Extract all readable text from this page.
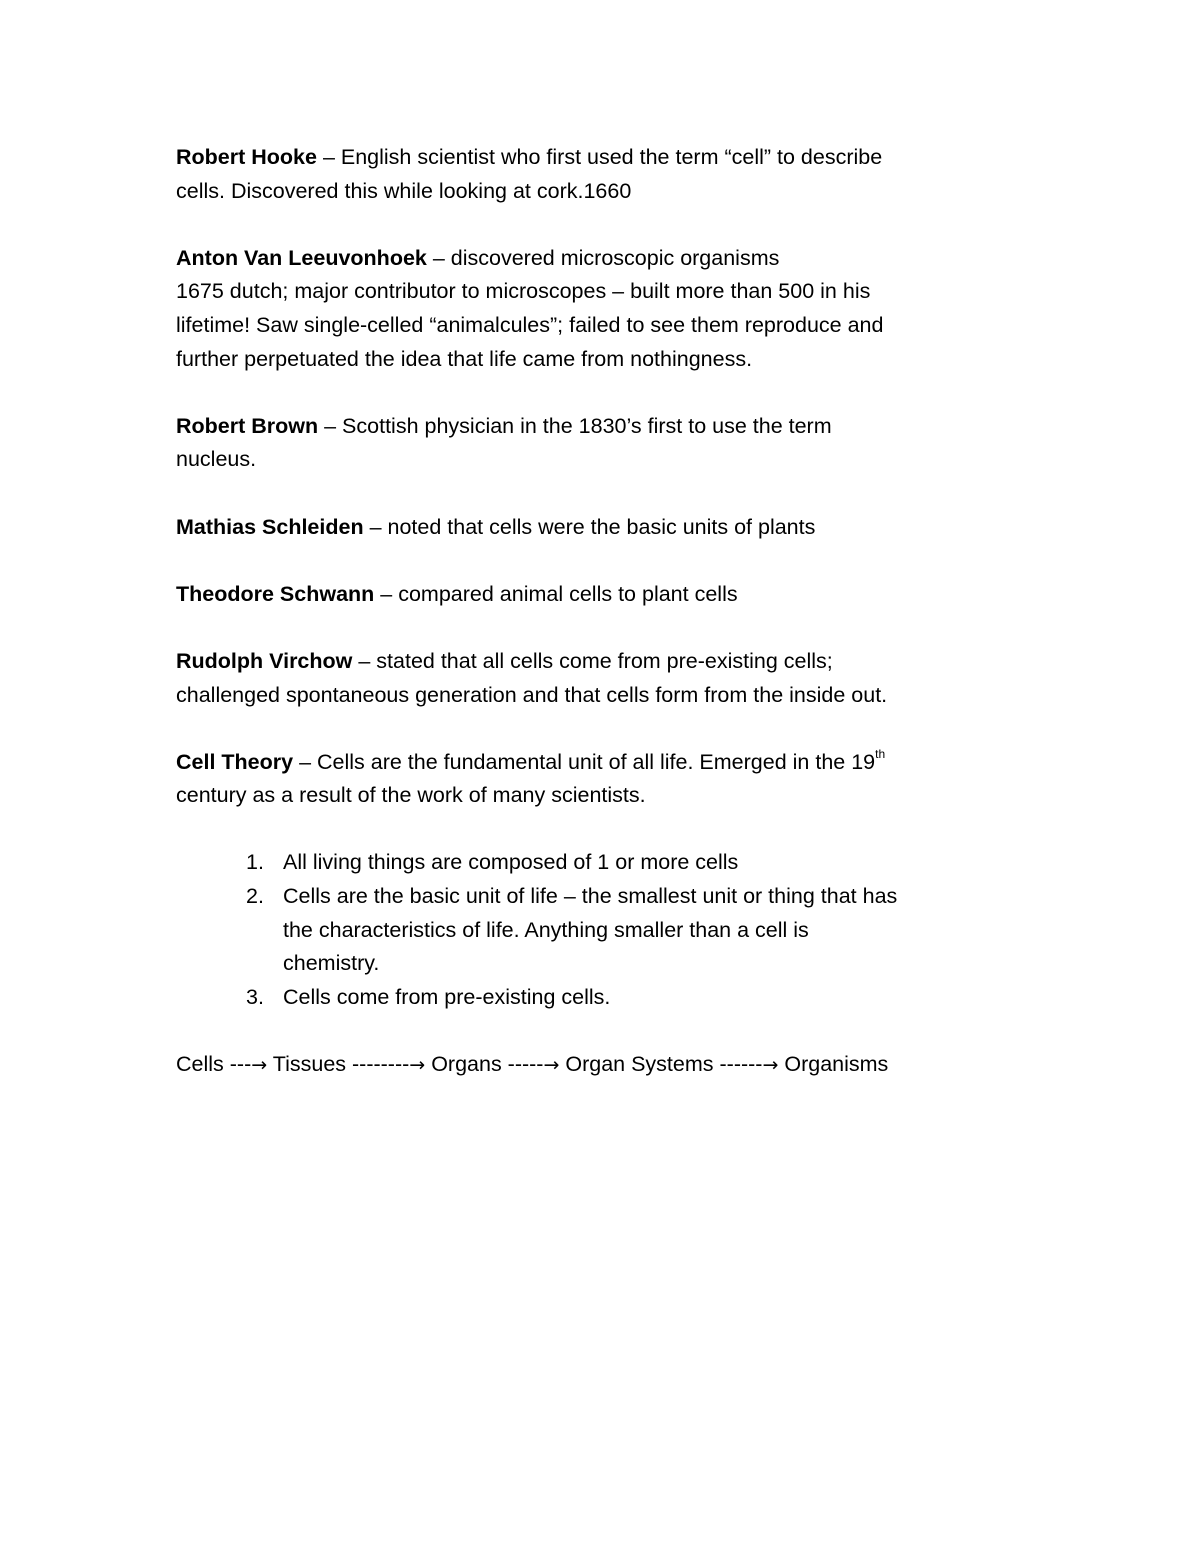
Robert Hooke – English scientist who first used the term “cell” to describe
cells. Discovered this while looking at cork.1660

Anton Van Leeuvonhoek – discovered microscopic organisms
1675 dutch; major contributor to microscopes – built more than 500 in his
lifetime! Saw single-celled “animalcules”; failed to see them reproduce and
further perpetuated the idea that life came from nothingness.

Robert Brown – Scottish physician in the 1830’s first to use the term
nucleus.

Mathias Schleiden – noted that cells were the basic units of plants

Theodore Schwann – compared animal cells to plant cells

Rudolph Virchow – stated that all cells come from pre-existing cells;
challenged spontaneous generation and that cells form from the inside out.

Cell Theory – Cells are the fundamental unit of all life. Emerged in the 19th
century as a result of the work of many scientists.

1. All living things are composed of 1 or more cells
2. Cells are the basic unit of life – the smallest unit or thing that has
the characteristics of life. Anything smaller than a cell is
chemistry.
3. Cells come from pre-existing cells.

Cells ---→ Tissues --------→ Organs -----→ Organ Systems ------→ Organisms
